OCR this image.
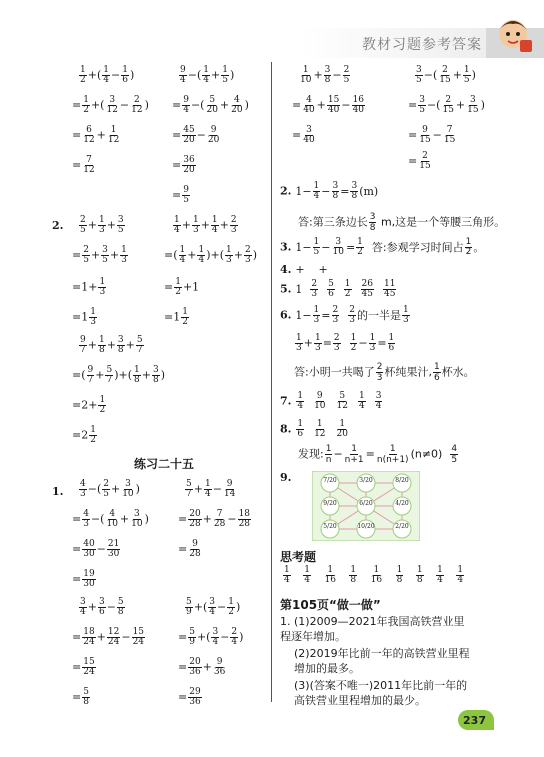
教材习题参考答案
$\frac{1}{2}$ +( $\frac{1}{4} - \frac{1}{6}$ )
= $\frac{1}{2}$ +( $\frac{3}{12} - \frac{2}{12}$ )
= $\frac{6}{12} + \frac{1}{12}$
= $\frac{7}{12}$
$\frac{9}{4}$ −( $\frac{1}{4} + \frac{1}{5}$ )
= $\frac{9}{4}$ −( $\frac{5}{20} + \frac{4}{20}$ )
= $\frac{45}{20} - \frac{9}{20}$
= $\frac{36}{20}$
= $\frac{9}{5}$
2. $\frac{2}{5} + \frac{1}{3} + \frac{3}{5}$
= $\frac{2}{5} + \frac{3}{5} + \frac{1}{3}$
$=1+ \frac{1}{3}$
$=1 \frac{1}{3}$
$\frac{1}{4} + \frac{1}{3} + \frac{1}{4} + \frac{2}{3}$
=( $\frac{1}{4} + \frac{1}{4}$ )+( $\frac{1}{3} + \frac{2}{3}$ )
= $\frac{1}{2} +1$
$=1 \frac{1}{2}$
$\frac{9}{7} + \frac{1}{8} + \frac{3}{8} + \frac{5}{7}$
=( $\frac{9}{7} + \frac{5}{7}$ )+( $\frac{1}{8} + \frac{3}{8}$ )
$=2+ \frac{1}{2}$
$=2 \frac{1}{2}$
练习二十五
1. $\frac{4}{3}$ −( $\frac{2}{5} + \frac{3}{10}$ )
= $\frac{4}{3}$ −( $\frac{4}{10} + \frac{3}{10}$ )
= $\frac{40}{30} - \frac{21}{30}$
= $\frac{19}{30}$
$\frac{5}{7} + \frac{1}{4} - \frac{9}{14}$
= $\frac{20}{28} + \frac{7}{28} - \frac{18}{28}$
= $\frac{9}{28}$
$\frac{3}{4} + \frac{3}{6} - \frac{5}{8}$
= $\frac{18}{24} + \frac{12}{24} - \frac{15}{24}$
= $\frac{15}{24}$
= $\frac{5}{8}$
$\frac{5}{9}$ +( $\frac{3}{4} - \frac{1}{2}$ )
= $\frac{5}{9}$ +( $\frac{3}{4} - \frac{2}{4}$ )
= $\frac{20}{36} + \frac{9}{36}$
= $\frac{29}{36}$
$\frac{1}{10} + \frac{3}{8} - \frac{2}{5}$
= $\frac{4}{40} + \frac{15}{40} - \frac{16}{40}$
= $\frac{3}{40}$
$\frac{3}{5}$ −( $\frac{2}{15} + \frac{1}{5}$ )
= $\frac{3}{5}$ −( $\frac{2}{15} + \frac{3}{15}$ )
= $\frac{9}{15} - \frac{7}{15}$
= $\frac{2}{15}$
2. $1- \frac{1}{4} - \frac{3}{8} = \frac{3}{8} (m)$
答:第三条边长 $\frac{3}{8} m$,这是一个等腰三角形。
3. $1- \frac{1}{5} - \frac{3}{10} = \frac{1}{2}$ 答:参观学习时间占 $\frac{1}{2}$ 。
4. +    +
5. $1 \frac{2}{3}$
$\frac{5}{6}$
$\frac{1}{2}$
$\frac{26}{45}$
$\frac{11}{45}$
6. $1- \frac{1}{3} = \frac{2}{3}$
$\frac{2}{3}$ 的一半是 $\frac{1}{3}$
$\frac{1}{3} + \frac{1}{3} = \frac{2}{3}$
$\frac{1}{2} - \frac{1}{3} = \frac{1}{6}$
答:小明一共喝了 $\frac{2}{3}$ 杯纯果汁, $\frac{1}{6}$ 杯水。
7. $\frac{1}{4}$
$\frac{9}{10}$
$\frac{5}{12}$
$\frac{1}{4}$
$\frac{3}{4}$
8. $\frac{1}{6}$
$\frac{1}{12}$
$\frac{1}{20}$
发现: $\frac{1}{n} - \frac{1}{n+1} = \frac{1}{n(n+1)} (n\ne 0) \frac{4}{5}$
9.	7/20	3/20	8/20
9/20	6/20	4/20
5/20	10/20	2/20
思考题
$\frac{1}{4}$
$\frac{1}{4}$
$\frac{1}{16}$
$\frac{1}{8}$
$\frac{1}{16}$
$\frac{1}{8}$
$\frac{1}{8}$
$\frac{1}{4}$
$\frac{1}{4}$
第105页“做一做”
1. (1)2009—2021年我国高铁营业里程逐年增加。
(2)2019年比前一年的高铁营业里程增加的最多。
(3)(答案不唯一)2011年比前一年的高铁营业里程增加的最少。
237
